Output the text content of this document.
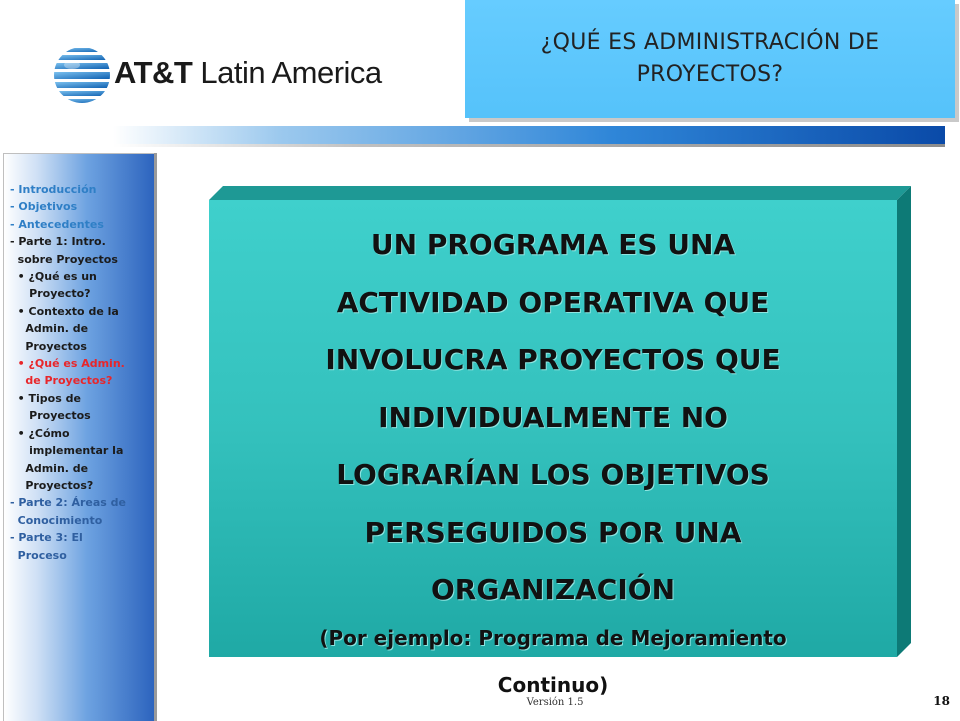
AT&T Latin America
¿QUÉ ES ADMINISTRACIÓN DE
PROYECTOS?
- Introducción
- Objetivos
- Antecedentes
- Parte 1: Intro.
sobre Proyectos
• ¿Qué es un
Proyecto?
• Contexto de la
Admin. de
Proyectos
• ¿Qué es Admin.
de Proyectos?
• Tipos de
Proyectos
• ¿Cómo
implementar la
Admin. de
Proyectos?
- Parte 2: Áreas de
Conocimiento
- Parte 3: El
Proceso
UN PROGRAMA ES UNA
ACTIVIDAD OPERATIVA QUE
INVOLUCRA PROYECTOS QUE
INDIVIDUALMENTE NO
LOGRARÍAN LOS OBJETIVOS
PERSEGUIDOS POR UNA
ORGANIZACIÓN
(Por ejemplo: Programa de Mejoramiento
Continuo)
Versión 1.5	18
